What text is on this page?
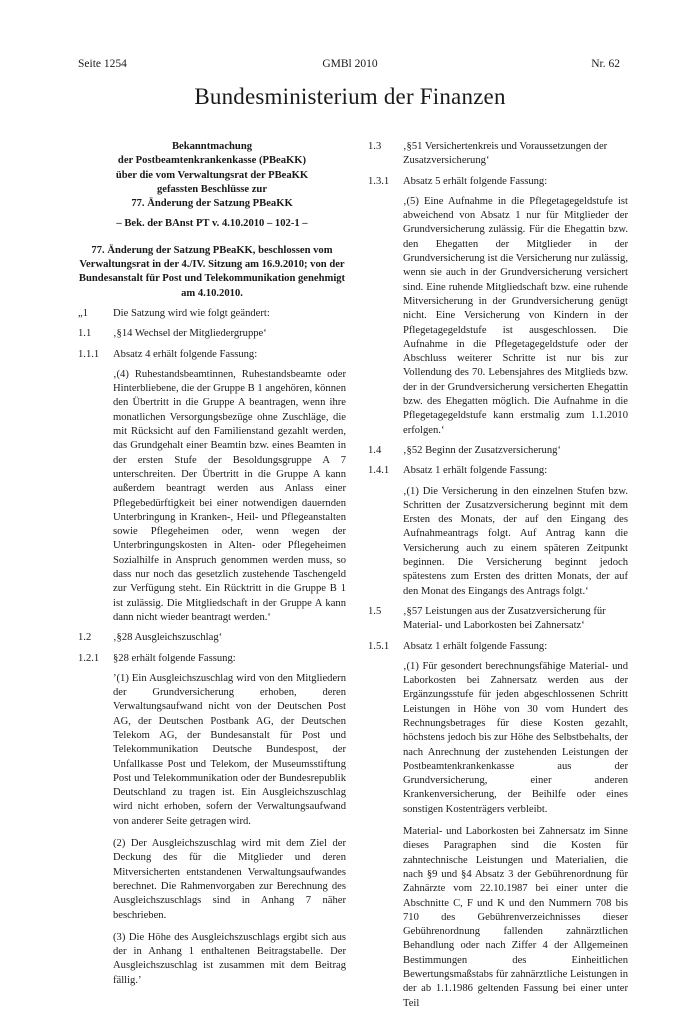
Seite 1254	GMBl 2010	Nr. 62
Bundesministerium der Finanzen
Bekanntmachung
der Postbeamtenkrankenkasse (PBeaKK)
über die vom Verwaltungsrat der PBeaKK
gefassten Beschlüsse zur
77. Änderung der Satzung PBeaKK
– Bek. der BAnst PT v. 4.10.2010 – 102-1 –
77. Änderung der Satzung PBeaKK, beschlossen vom Verwaltungsrat in der 4./IV. Sitzung am 16.9.2010; von der Bundesanstalt für Post und Telekommunikation genehmigt am 4.10.2010.
„1	Die Satzung wird wie folgt geändert:
1.1	‚§14 Wechsel der Mitgliedergruppe‘
1.1.1	Absatz 4 erhält folgende Fassung:
‚(4) Ruhestandsbeamtinnen, Ruhestandsbeamte oder Hinterbliebene, die der Gruppe B 1 angehören, können den Übertritt in die Gruppe A beantragen, wenn ihre monatlichen Versorgungsbezüge ohne Zuschläge, die mit Rücksicht auf den Familienstand gezahlt werden, das Grundgehalt einer Beamtin bzw. eines Beamten in der ersten Stufe der Besoldungsgruppe A 7 unterschreiten. Der Übertritt in die Gruppe A kann außerdem beantragt werden aus Anlass einer Pflegebedürftigkeit bei einer notwendigen dauernden Unterbringung in Kranken-, Heil- und Pflegeanstalten sowie Pflegeheimen oder, wenn wegen der Unterbringungskosten in Alten- oder Pflegeheimen Sozialhilfe in Anspruch genommen werden muss, so dass nur noch das gesetzlich zustehende Taschengeld zur Verfügung steht. Ein Rücktritt in die Gruppe B 1 ist zulässig. Die Mitgliedschaft in der Gruppe A kann dann nicht wieder beantragt werden.‘
1.2	‚§28 Ausgleichszuschlag‘
1.2.1	§28 erhält folgende Fassung:
’(1) Ein Ausgleichszuschlag wird von den Mitgliedern der Grundversicherung erhoben, deren Verwaltungsaufwand nicht von der Deutschen Post AG, der Deutschen Postbank AG, der Deutschen Telekom AG, der Bundesanstalt für Post und Telekommunikation Deutsche Bundespost, der Unfallkasse Post und Telekom, der Museumsstiftung Post und Telekommunikation oder der Bundesrepublik Deutschland zu tragen ist. Ein Ausgleichszuschlag wird nicht erhoben, sofern der Verwaltungsaufwand von anderer Seite getragen wird.
(2) Der Ausgleichszuschlag wird mit dem Ziel der Deckung des für die Mitglieder und deren Mitversicherten entstandenen Verwaltungsaufwandes berechnet. Die Rahmenvorgaben zur Berechnung des Ausgleichszuschlags sind in Anhang 7 näher beschrieben.
(3) Die Höhe des Ausgleichszuschlags ergibt sich aus der in Anhang 1 enthaltenen Beitragstabelle. Der Ausgleichszuschlag ist zusammen mit dem Beitrag fällig.’
1.3	‚§51 Versichertenkreis und Voraussetzungen der Zusatzversicherung‘
1.3.1	Absatz 5 erhält folgende Fassung:
‚(5) Eine Aufnahme in die Pflegetagegeldstufe ist abweichend von Absatz 1 nur für Mitglieder der Grundversicherung zulässig. Für die Ehegattin bzw. den Ehegatten der Mitglieder in der Grundversicherung ist die Versicherung nur zulässig, wenn sie auch in der Grundversicherung versichert sind. Eine ruhende Mitgliedschaft bzw. eine ruhende Mitversicherung in der Grundversicherung genügt nicht. Eine Versicherung von Kindern in der Pflegetagegeldstufe ist ausgeschlossen. Die Aufnahme in die Pflegetagegeldstufe oder der Abschluss weiterer Schritte ist nur bis zur Vollendung des 70. Lebensjahres des Mitglieds bzw. der in der Grundversicherung versicherten Ehegattin bzw. des Ehegatten möglich. Die Aufnahme in die Pflegetagegeldstufe kann erstmalig zum 1.1.2010 erfolgen.‘
1.4	‚§52 Beginn der Zusatzversicherung‘
1.4.1	Absatz 1 erhält folgende Fassung:
‚(1) Die Versicherung in den einzelnen Stufen bzw. Schritten der Zusatzversicherung beginnt mit dem Ersten des Monats, der auf den Eingang des Aufnahmeantrags folgt. Auf Antrag kann die Versicherung auch zu einem späteren Zeitpunkt beginnen. Die Versicherung beginnt jedoch spätestens zum Ersten des dritten Monats, der auf den Monat des Eingangs des Antrags folgt.‘
1.5	‚§57 Leistungen aus der Zusatzversicherung für Material- und Laborkosten bei Zahnersatz‘
1.5.1	Absatz 1 erhält folgende Fassung:
‚(1) Für gesondert berechnungsfähige Material- und Laborkosten bei Zahnersatz werden aus der Ergänzungsstufe für jeden abgeschlossenen Schritt Leistungen in Höhe von 30 vom Hundert des Rechnungsbetrages für diese Kosten gezahlt, höchstens jedoch bis zur Höhe des Selbstbehalts, der nach Anrechnung der zustehenden Leistungen der Postbeamtenkrankenkasse aus der Grundversicherung, einer anderen Krankenversicherung, der Beihilfe oder eines sonstigen Kostenträgers verbleibt.
Material- und Laborkosten bei Zahnersatz im Sinne dieses Paragraphen sind die Kosten für zahntechnische Leistungen und Materialien, die nach §9 und §4 Absatz 3 der Gebührenordnung für Zahnärzte vom 22.10.1987 bei einer unter die Abschnitte C, F und K und den Nummern 708 bis 710 des Gebührenverzeichnisses dieser Gebührenordnung fallenden zahnärztlichen Behandlung oder nach Ziffer 4 der Allgemeinen Bestimmungen des Einheitlichen Bewertungsmaßstabs für zahnärztliche Leistungen in der ab 1.1.1986 geltenden Fassung bei einer unter Teil
